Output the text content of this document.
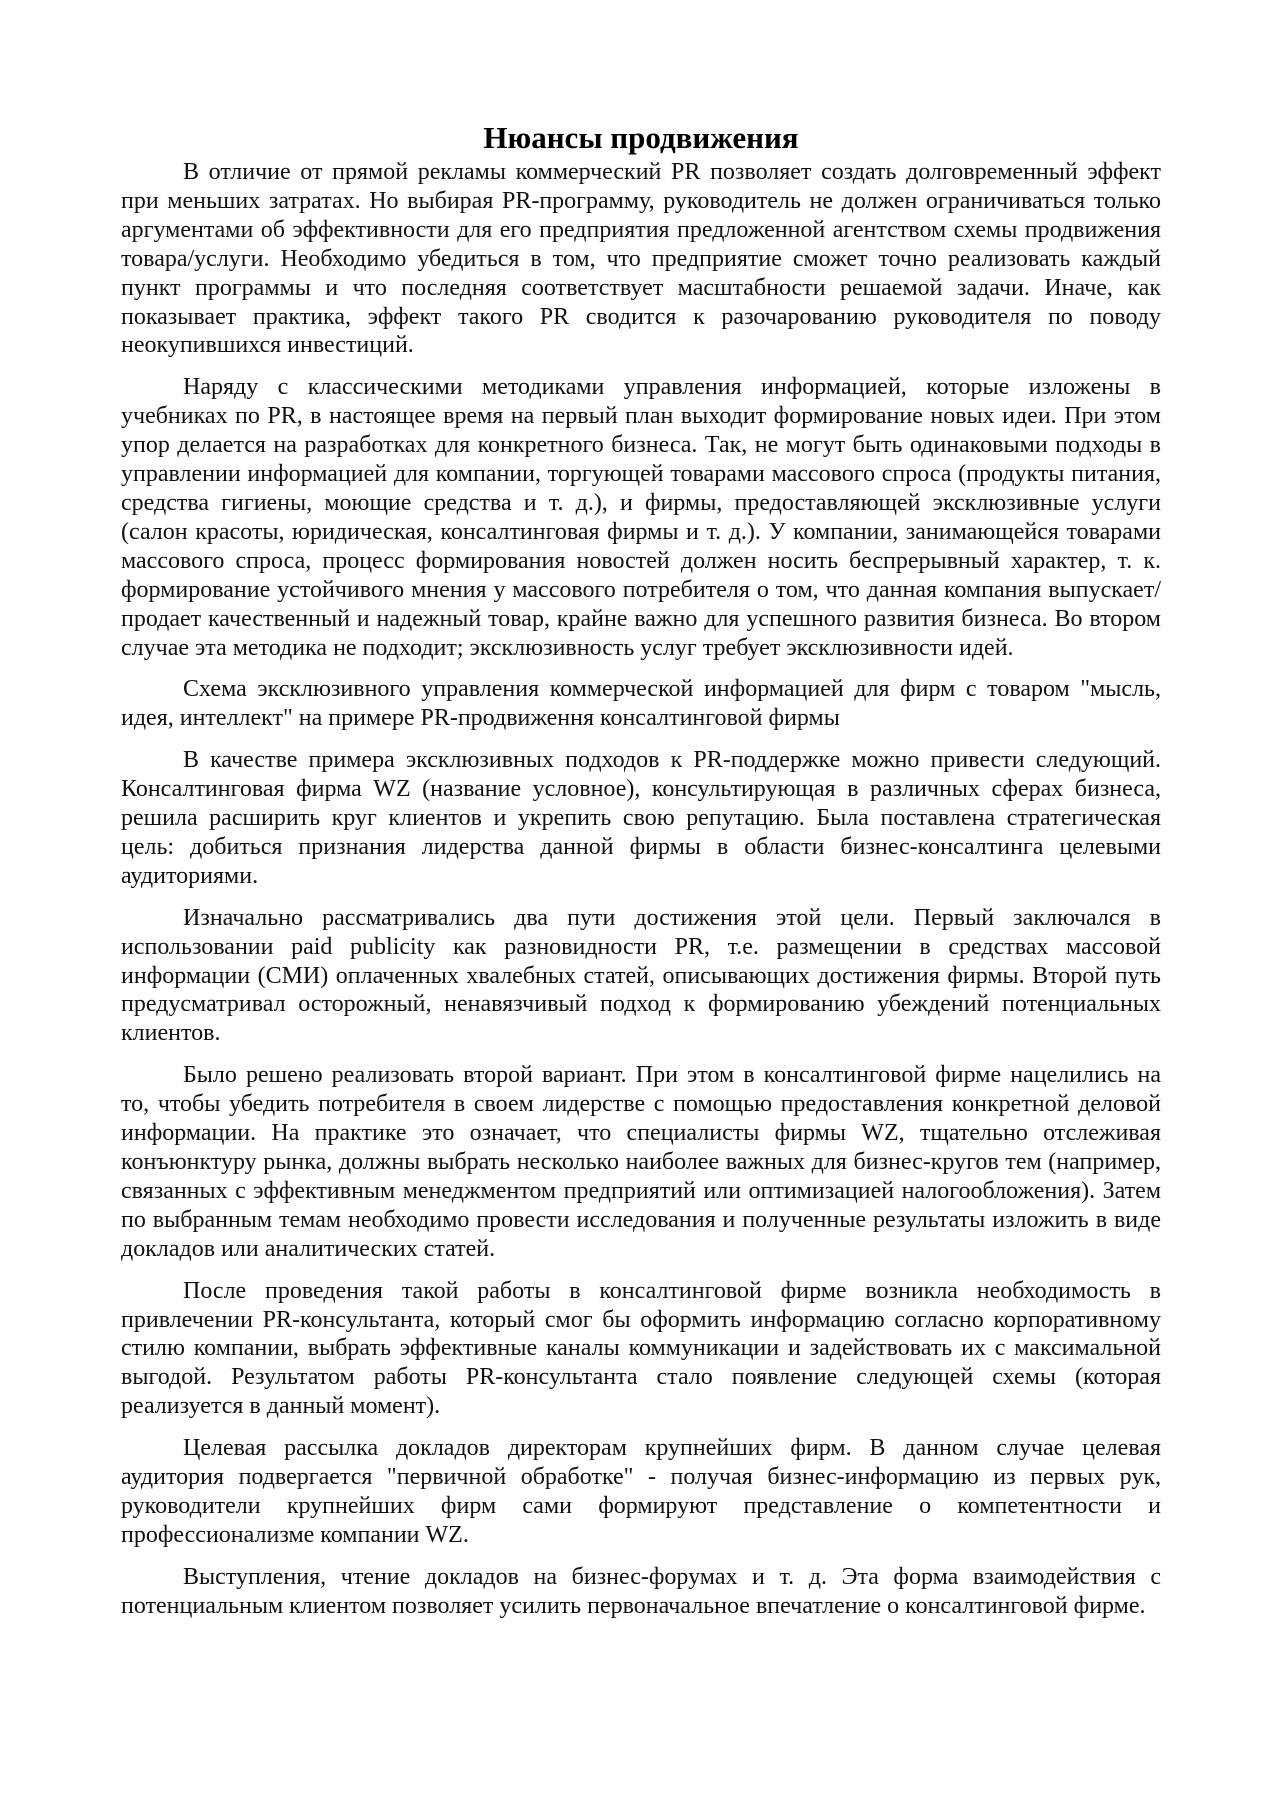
Нюансы продвижения

В отличие от прямой рекламы коммерческий PR позволяет создать долговременный эффект при меньших затратах. Но выбирая PR-программу, руководитель не должен ограничиваться только аргументами об эффективности для его предприятия предложенной агентством схемы продвижения товара/услуги. Необходимо убедиться в том, что предприятие сможет точно реализовать каждый пункт программы и что последняя соответствует масштабности решаемой задачи. Иначе, как показывает практика, эффект такого PR сводится к разочарованию руководителя по поводу неокупившихся инвестиций.

Наряду с классическими методиками управления информацией, которые изложены в учебниках по PR, в настоящее время на первый план выходит формирование новых идеи. При этом упор делается на разработках для конкретного бизнеса. Так, не могут быть одинаковыми подходы в управлении информацией для компании, торгующей товарами массового спроса (продукты питания, средства гигиены, моющие средства и т. д.), и фирмы, предоставляющей эксклюзивные услуги (салон красоты, юридическая, консалтинговая фирмы и т. д.). У компании, занимающейся товарами массового спроса, процесс формирования новостей должен носить беспрерывный характер, т. к. формирование устойчивого мнения у массового потребителя о том, что данная компания выпускает/продает качественный и надежный товар, крайне важно для успешного развития бизнеса. Во втором случае эта методика не подходит; эксклюзивность услуг требует эксклюзивности идей.

Схема эксклюзивного управления коммерческой информацией для фирм с товаром "мысль, идея, интеллект" на примере PR-продвиження консалтинговой фирмы

В качестве примера эксклюзивных подходов к PR-поддержке можно привести следующий. Консалтинговая фирма WZ (название условное), консультирующая в различных сферах бизнеса, решила расширить круг клиентов и укрепить свою репутацию. Была поставлена стратегическая цель: добиться признания лидерства данной фирмы в области бизнес-консалтинга целевыми аудиториями.

Изначально рассматривались два пути достижения этой цели. Первый заключался в использовании paid publicity как разновидности PR, т.е. размещении в средствах массовой информации (СМИ) оплаченных хвалебных статей, описывающих достижения фирмы. Второй путь предусматривал осторожный, ненавязчивый подход к формированию убеждений потенциальных клиентов.

Было решено реализовать второй вариант. При этом в консалтинговой фирме нацелились на то, чтобы убедить потребителя в своем лидерстве с помощью предоставления конкретной деловой информации. На практике это означает, что специалисты фирмы WZ, тщательно отслеживая конъюнктуру рынка, должны выбрать несколько наиболее важных для бизнес-кругов тем (например, связанных с эффективным менеджментом предприятий или оптимизацией налогообложения). Затем по выбранным темам необходимо провести исследования и полученные результаты изложить в виде докладов или аналитических статей.

После проведения такой работы в консалтинговой фирме возникла необходимость в привлечении PR-консультанта, который смог бы оформить информацию согласно корпоративному стилю компании, выбрать эффективные каналы коммуникации и задействовать их с максимальной выгодой. Результатом работы PR-консультанта стало появление следующей схемы (которая реализуется в данный момент).

Целевая рассылка докладов директорам крупнейших фирм. В данном случае целевая аудитория подвергается "первичной обработке" - получая бизнес-информацию из первых рук, руководители крупнейших фирм сами формируют представление о компетентности и профессионализме компании WZ.

Выступления, чтение докладов на бизнес-форумах и т. д. Эта форма взаимодействия с потенциальным клиентом позволяет усилить первоначальное впечатление о консалтинговой фирме.
